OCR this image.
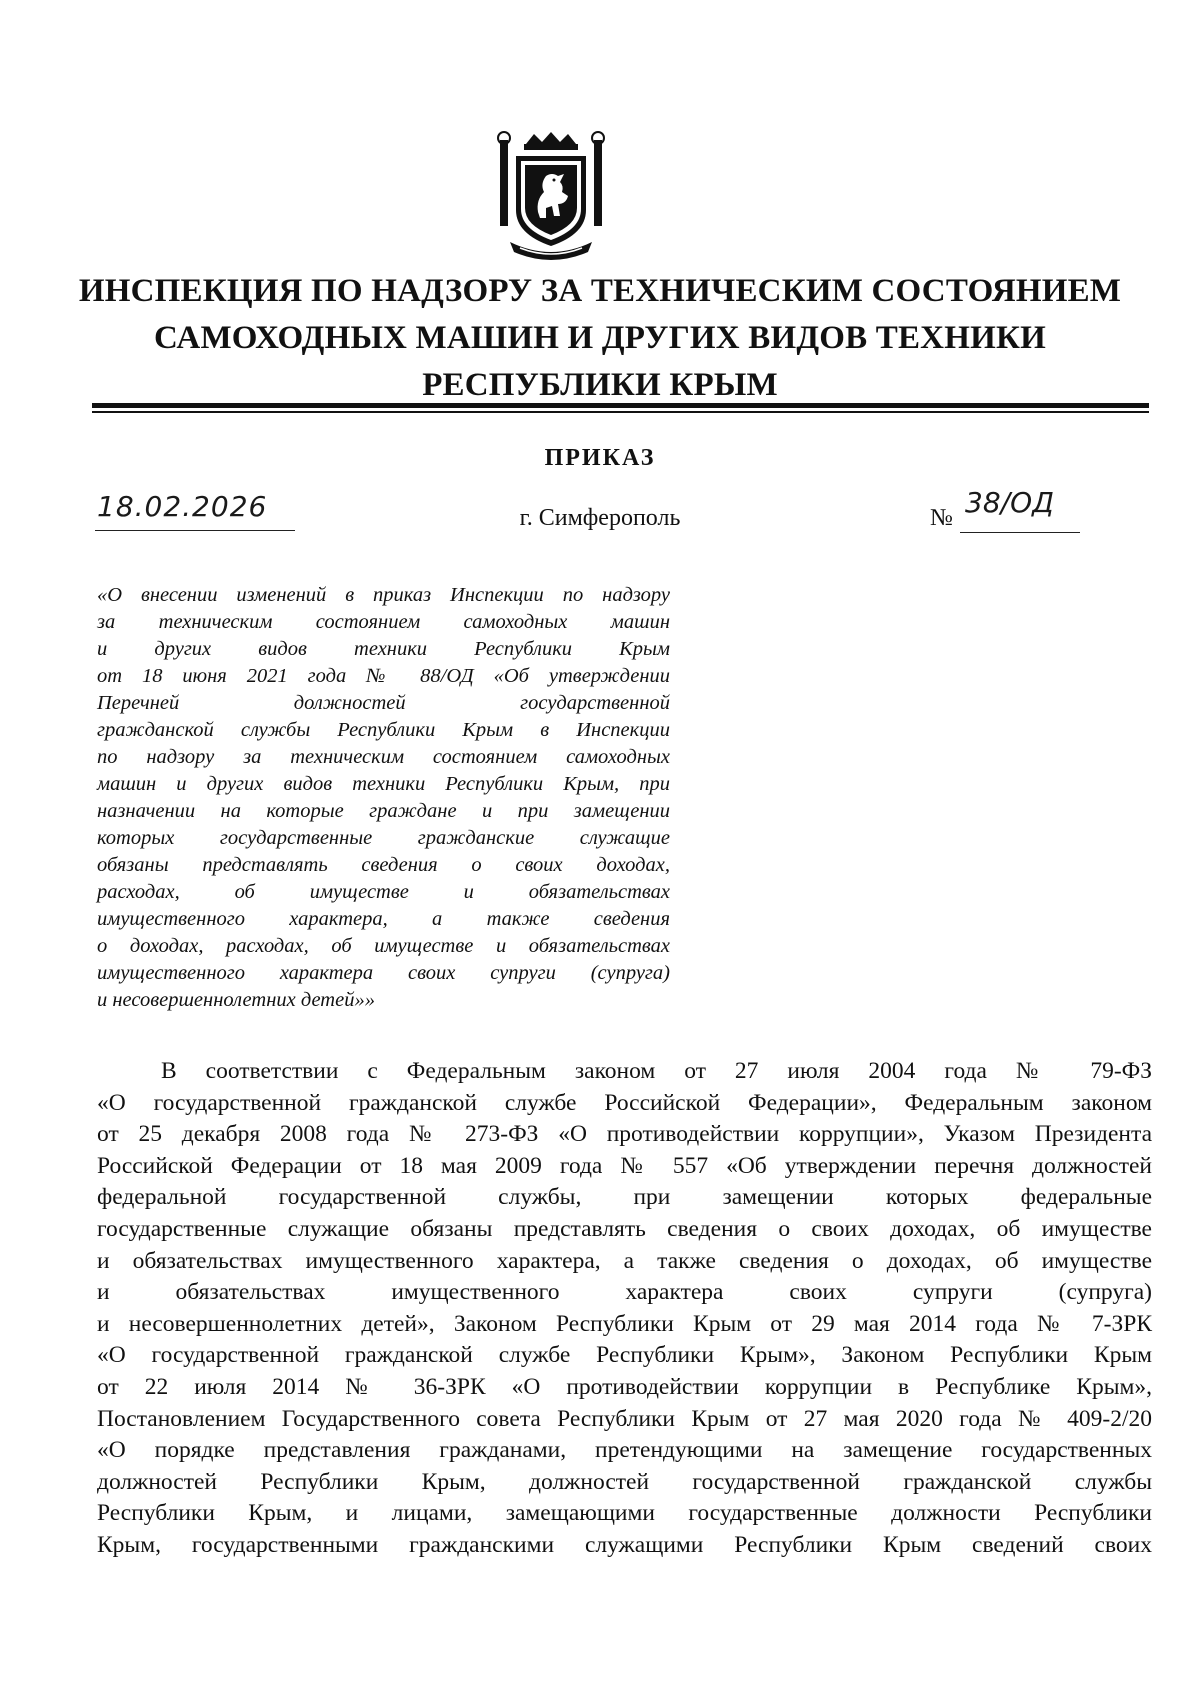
ИНСПЕКЦИЯ ПО НАДЗОРУ ЗА ТЕХНИЧЕСКИМ СОСТОЯНИЕМ
САМОХОДНЫХ МАШИН И ДРУГИХ ВИДОВ ТЕХНИКИ
РЕСПУБЛИКИ КРЫМ
ПРИКАЗ
18.02.2026	г. Симферополь	№ 38/ОД
«О внесении изменений в приказ Инспекции по надзору
за техническим состоянием самоходных машин
и других видов техники Республики Крым
от 18 июня 2021 года № 88/ОД «Об утверждении
Перечней должностей государственной
гражданской службы Республики Крым в Инспекции
по надзору за техническим состоянием самоходных
машин и других видов техники Республики Крым, при
назначении на которые граждане и при замещении
которых государственные гражданские служащие
обязаны представлять сведения о своих доходах,
расходах, об имуществе и обязательствах
имущественного характера, а также сведения
о доходах, расходах, об имуществе и обязательствах
имущественного характера своих супруги (супруга)
и несовершеннолетних детей»»
В соответствии с Федеральным законом от 27 июля 2004 года № 79-ФЗ
«О государственной гражданской службе Российской Федерации», Федеральным законом
от 25 декабря 2008 года № 273-ФЗ «О противодействии коррупции», Указом Президента
Российской Федерации от 18 мая 2009 года № 557 «Об утверждении перечня должностей
федеральной государственной службы, при замещении которых федеральные
государственные служащие обязаны представлять сведения о своих доходах, об имуществе
и обязательствах имущественного характера, а также сведения о доходах, об имуществе
и обязательствах имущественного характера своих супруги (супруга)
и несовершеннолетних детей», Законом Республики Крым от 29 мая 2014 года № 7-ЗРК
«О государственной гражданской службе Республики Крым», Законом Республики Крым
от 22 июля 2014 № 36-ЗРК «О противодействии коррупции в Республике Крым»,
Постановлением Государственного совета Республики Крым от 27 мая 2020 года № 409-2/20
«О порядке представления гражданами, претендующими на замещение государственных
должностей Республики Крым, должностей государственной гражданской службы
Республики Крым, и лицами, замещающими государственные должности Республики
Крым, государственными гражданскими служащими Республики Крым сведений своих
